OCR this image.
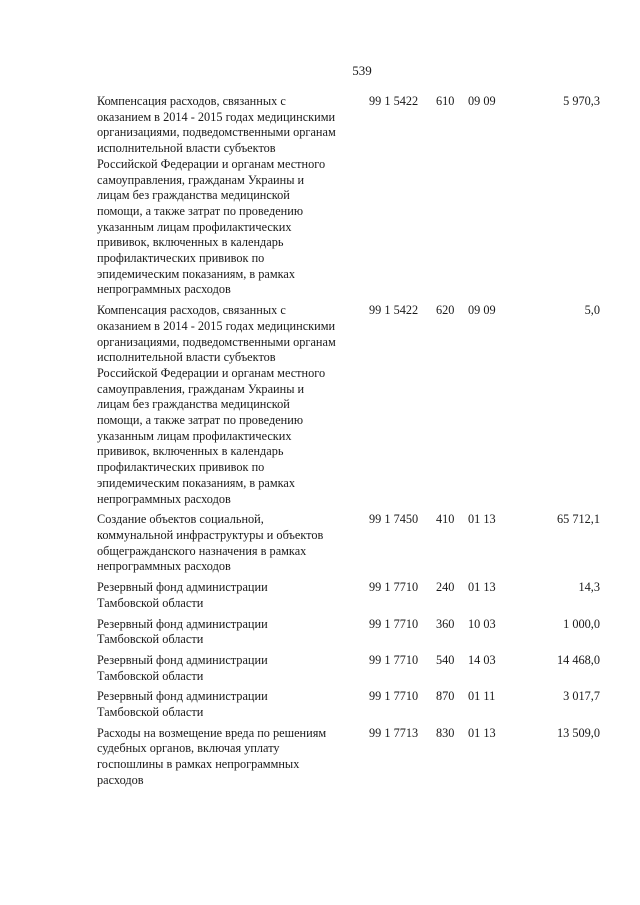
539
Компенсация расходов, связанных с
оказанием в 2014 - 2015 годах медицинскими
организациями, подведомственными органам
исполнительной власти субъектов
Российской Федерации и органам местного
самоуправления, гражданам Украины и
лицам без гражданства медицинской
помощи, а также затрат по проведению
указанным лицам профилактических
прививок, включенных в календарь
профилактических прививок по
эпидемическим показаниям, в рамках
непрограммных расходов
99 1 5422 610 09 09	5 970,3
Компенсация расходов, связанных с
оказанием в 2014 - 2015 годах медицинскими
организациями, подведомственными органам
исполнительной власти субъектов
Российской Федерации и органам местного
самоуправления, гражданам Украины и
лицам без гражданства медицинской
помощи, а также затрат по проведению
указанным лицам профилактических
прививок, включенных в календарь
профилактических прививок по
эпидемическим показаниям, в рамках
непрограммных расходов
99 1 5422 620 09 09	5,0
Создание объектов социальной,
коммунальной инфраструктуры и объектов
общегражданского назначения в рамках
непрограммных расходов
99 1 7450 410 01 13	65 712,1
Резервный фонд администрации
Тамбовской области
99 1 7710 240 01 13	14,3
Резервный фонд администрации
Тамбовской области
99 1 7710 360 10 03	1 000,0
Резервный фонд администрации
Тамбовской области
99 1 7710 540 14 03	14 468,0
Резервный фонд администрации
Тамбовской области
99 1 7710 870 01 11	3 017,7
Расходы на возмещение вреда по решениям
судебных органов, включая уплату
госпошлины в рамках непрограммных
расходов
99 1 7713 830 01 13	13 509,0
